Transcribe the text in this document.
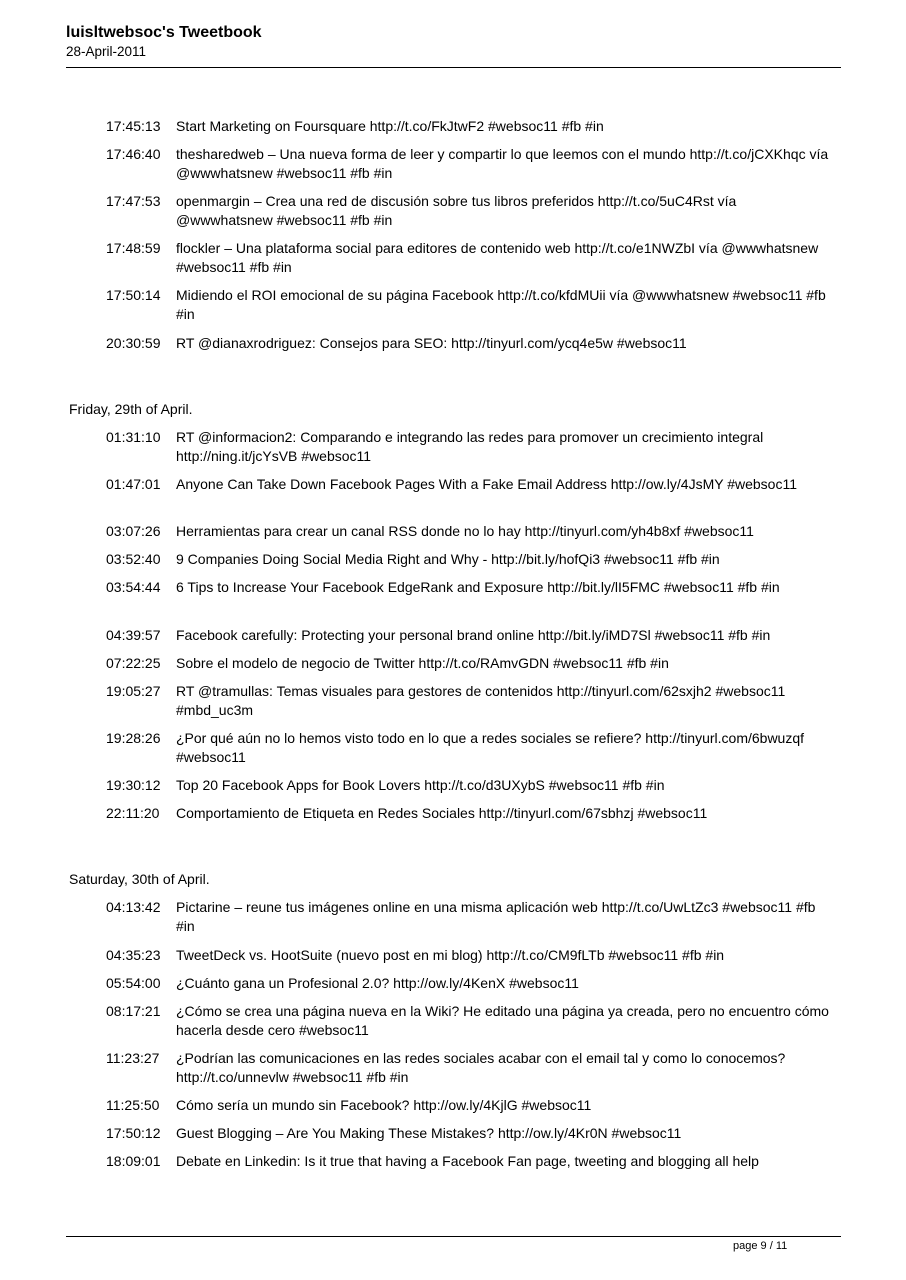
luisltwebsoc's Tweetbook
28-April-2011
17:45:13	Start Marketing on Foursquare http://t.co/FkJtwF2 #websoc11 #fb #in
17:46:40	thesharedweb – Una nueva forma de leer y compartir lo que leemos con el mundo http://t.co/jCXKhqc vía @wwwhatsnew #websoc11 #fb #in
17:47:53	openmargin – Crea una red de discusión sobre tus libros preferidos http://t.co/5uC4Rst vía @wwwhatsnew #websoc11 #fb #in
17:48:59	flockler – Una plataforma social para editores de contenido web http://t.co/e1NWZbI vía @wwwhatsnew #websoc11 #fb #in
17:50:14	Midiendo el ROI emocional de su página Facebook http://t.co/kfdMUii vía @wwwhatsnew #websoc11 #fb #in
20:30:59	RT @dianaxrodriguez: Consejos para SEO: http://tinyurl.com/ycq4e5w #websoc11
Friday, 29th of April.
01:31:10	RT @informacion2: Comparando e integrando las redes para promover un crecimiento integral http://ning.it/jcYsVB #websoc11
01:47:01	Anyone Can Take Down Facebook Pages With a Fake Email Address http://ow.ly/4JsMY #websoc11
03:07:26	Herramientas para crear un canal RSS donde no lo hay http://tinyurl.com/yh4b8xf #websoc11
03:52:40	9 Companies Doing Social Media Right and Why - http://bit.ly/hofQi3 #websoc11 #fb #in
03:54:44	6 Tips to Increase Your Facebook EdgeRank and Exposure http://bit.ly/lI5FMC #websoc11 #fb #in
04:39:57	Facebook carefully: Protecting your personal brand online http://bit.ly/iMD7Sl #websoc11 #fb #in
07:22:25	Sobre el modelo de negocio de Twitter http://t.co/RAmvGDN #websoc11 #fb #in
19:05:27	RT @tramullas: Temas visuales para gestores de contenidos http://tinyurl.com/62sxjh2 #websoc11 #mbd_uc3m
19:28:26	¿Por qué aún no lo hemos visto todo en lo que a redes sociales se refiere? http://tinyurl.com/6bwuzqf #websoc11
19:30:12	Top 20 Facebook Apps for Book Lovers http://t.co/d3UXybS #websoc11 #fb #in
22:11:20	Comportamiento de Etiqueta en Redes Sociales http://tinyurl.com/67sbhzj #websoc11
Saturday, 30th of April.
04:13:42	Pictarine – reune tus imágenes online en una misma aplicación web http://t.co/UwLtZc3 #websoc11 #fb #in
04:35:23	TweetDeck vs. HootSuite (nuevo post en mi blog) http://t.co/CM9fLTb #websoc11 #fb #in
05:54:00	¿Cuánto gana un Profesional 2.0? http://ow.ly/4KenX #websoc11
08:17:21	¿Cómo se crea una página nueva en la Wiki? He editado una página ya creada, pero no encuentro cómo hacerla desde cero #websoc11
11:23:27	¿Podrían las comunicaciones en las redes sociales acabar con el email tal y como lo conocemos? http://t.co/unnevlw #websoc11 #fb #in
11:25:50	Cómo sería un mundo sin Facebook? http://ow.ly/4KjlG #websoc11
17:50:12	Guest Blogging – Are You Making These Mistakes? http://ow.ly/4Kr0N #websoc11
18:09:01	Debate en Linkedin: Is it true that having a Facebook Fan page, tweeting and blogging all help
page 9 / 11
